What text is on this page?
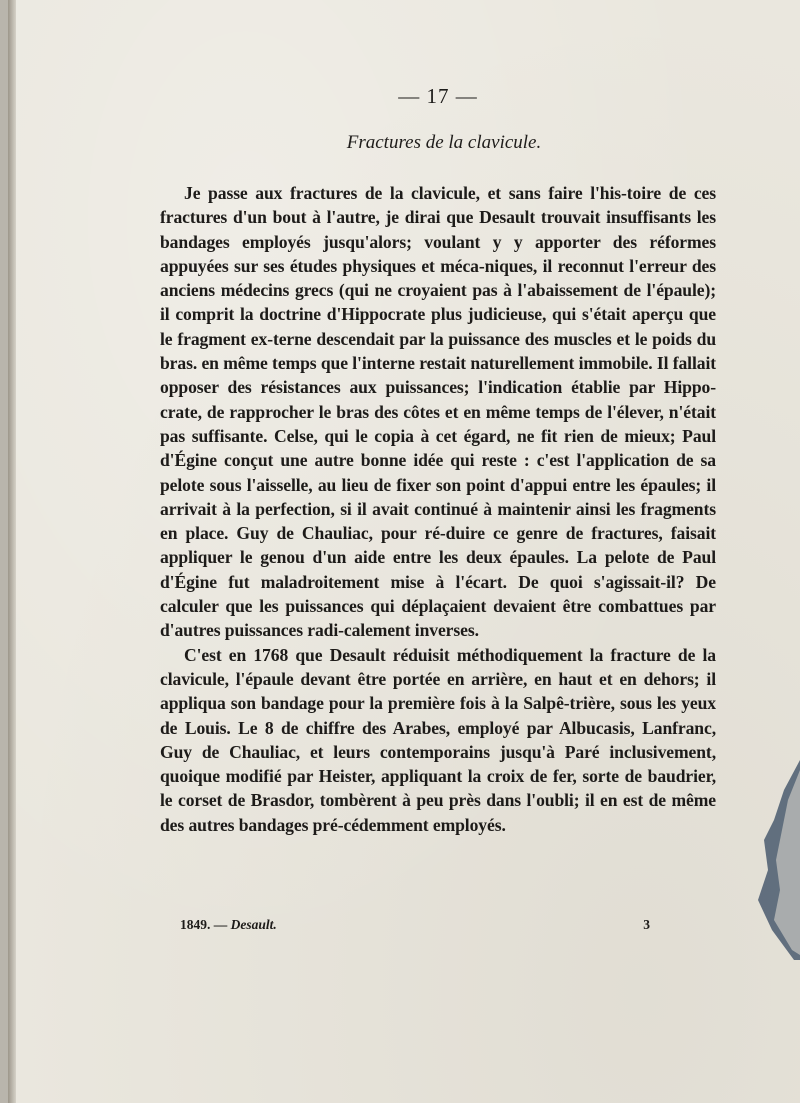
— 17 —
Fractures de la clavicule.

Je passe aux fractures de la clavicule, et sans faire l'his-toire de ces fractures d'un bout à l'autre, je dirai que Desault trouvait insuffisants les bandages employés jusqu'alors; voulant y y apporter des réformes appuyées sur ses études physiques et méca-niques, il reconnut l'erreur des anciens médecins grecs (qui ne croyaient pas à l'abaissement de l'épaule); il comprit la doctrine d'Hippocrate plus judicieuse, qui s'était aperçu que le fragment ex-terne descendait par la puissance des muscles et le poids du bras. en même temps que l'interne restait naturellement immobile. Il fallait opposer des résistances aux puissances; l'indication établie par Hippo-crate, de rapprocher le bras des côtes et en même temps de l'élever, n'était pas suffisante. Celse, qui le copia à cet égard, ne fit rien de mieux; Paul d'Égine conçut une autre bonne idée qui reste : c'est l'application de sa pelote sous l'aisselle, au lieu de fixer son point d'appui entre les épaules; il arrivait à la perfection, si il avait continué à maintenir ainsi les fragments en place. Guy de Chauliac, pour ré-duire ce genre de fractures, faisait appliquer le genou d'un aide entre les deux épaules. La pelote de Paul d'Égine fut maladroitement mise à l'écart. De quoi s'agissait-il? De calculer que les puissances qui déplaçaient devaient être combattues par d'autres puissances radi-calement inverses.

C'est en 1768 que Desault réduisit méthodiquement la fracture de la clavicule, l'épaule devant être portée en arrière, en haut et en dehors; il appliqua son bandage pour la première fois à la Salpê-trière, sous les yeux de Louis. Le 8 de chiffre des Arabes, employé par Albucasis, Lanfranc, Guy de Chauliac, et leurs contemporains jusqu'à Paré inclusivement, quoique modifié par Heister, appliquant la croix de fer, sorte de baudrier, le corset de Brasdor, tombèrent à peu près dans l'oubli; il en est de même des autres bandages pré-cédemment employés.

1849. — Desault.	3
